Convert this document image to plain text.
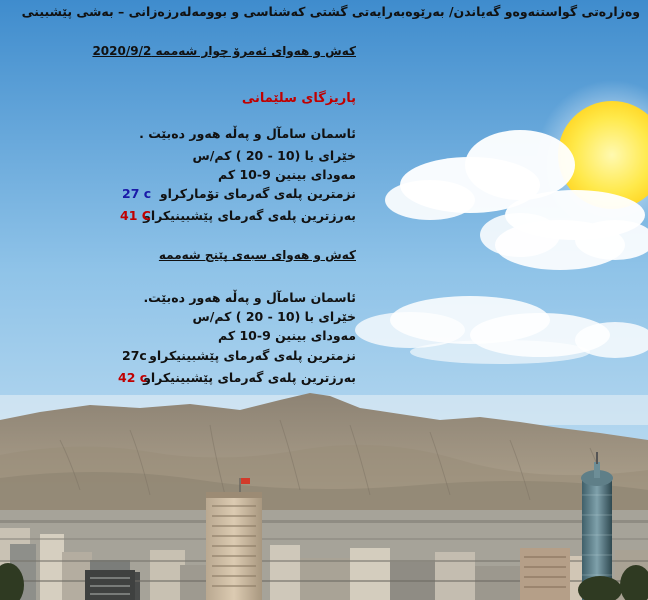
وەزارەتی گواستنەوەو گەیاندن/ بەرێوەبەرایەتی گشتی کەشناسی و بوومەلەرزەزانی – بەشی پێشبینی
کەش و هەوای ئەمرۆ چوار شەممە 2020/9/2
پاریزگای سلێمانی
ئاسمان سامآل و پەڵە هەور دەبێت .
خێرای با (10 - 20 ) کم/س
مەودای بینین 9-10 کم
نزمترین پلەی گەرمای تۆمارکراو
27 c
بەرزترین پلەی گەرمای پێشبینیکراو
41 C
کەش و هەوای سبەی پێنج شەممە
ئاسمان سامآل و پەڵە هەور دەبێت.
خێرای با (10 - 20 ) کم/س
مەودای بینین 9-10 کم
نزمترین پلەی گەرمای پێشبینیکراو
27c
بەرزترین پلەی گەرمای پێشبینیکراو
42 c
